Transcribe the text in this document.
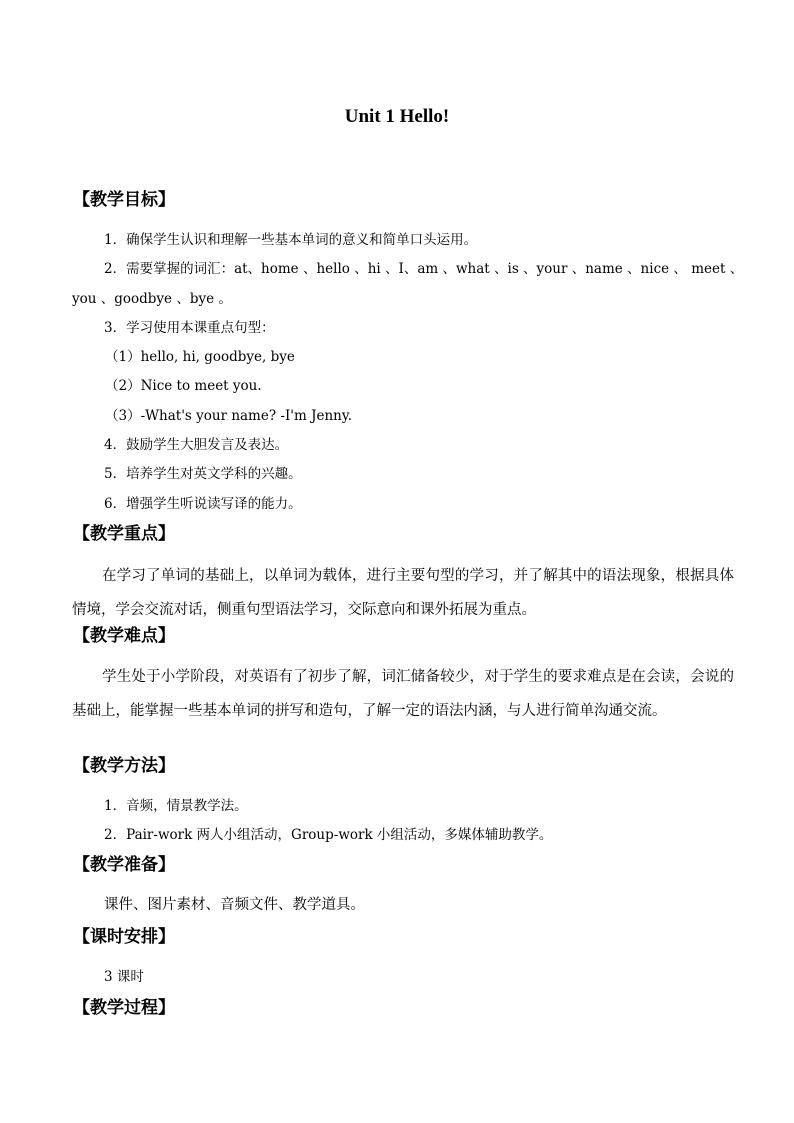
Unit 1 Hello!
【教学目标】
1．确保学生认识和理解一些基本单词的意义和简单口头运用。
2．需要掌握的词汇：at、home 、hello 、hi 、I、am 、what 、is 、your 、name 、nice 、 meet 、
you 、goodbye 、bye 。
3．学习使用本课重点句型：
（1）hello, hi, goodbye, bye
（2）Nice to meet you.
（3）-What's your name? -I'm Jenny.
4．鼓励学生大胆发言及表达。
5．培养学生对英文学科的兴趣。
6．增强学生听说读写译的能力。
【教学重点】
在学习了单词的基础上，以单词为载体，进行主要句型的学习，并了解其中的语法现象，根据具体情境，学会交流对话，侧重句型语法学习，交际意向和课外拓展为重点。
【教学难点】
学生处于小学阶段，对英语有了初步了解，词汇储备较少，对于学生的要求难点是在会读，会说的基础上，能掌握一些基本单词的拼写和造句，了解一定的语法内涵，与人进行简单沟通交流。
【教学方法】
1．音频，情景教学法。
2．Pair-work 两人小组活动，Group-work 小组活动，多媒体辅助教学。
【教学准备】
课件、图片素材、音频文件、教学道具。
【课时安排】
3 课时
【教学过程】
